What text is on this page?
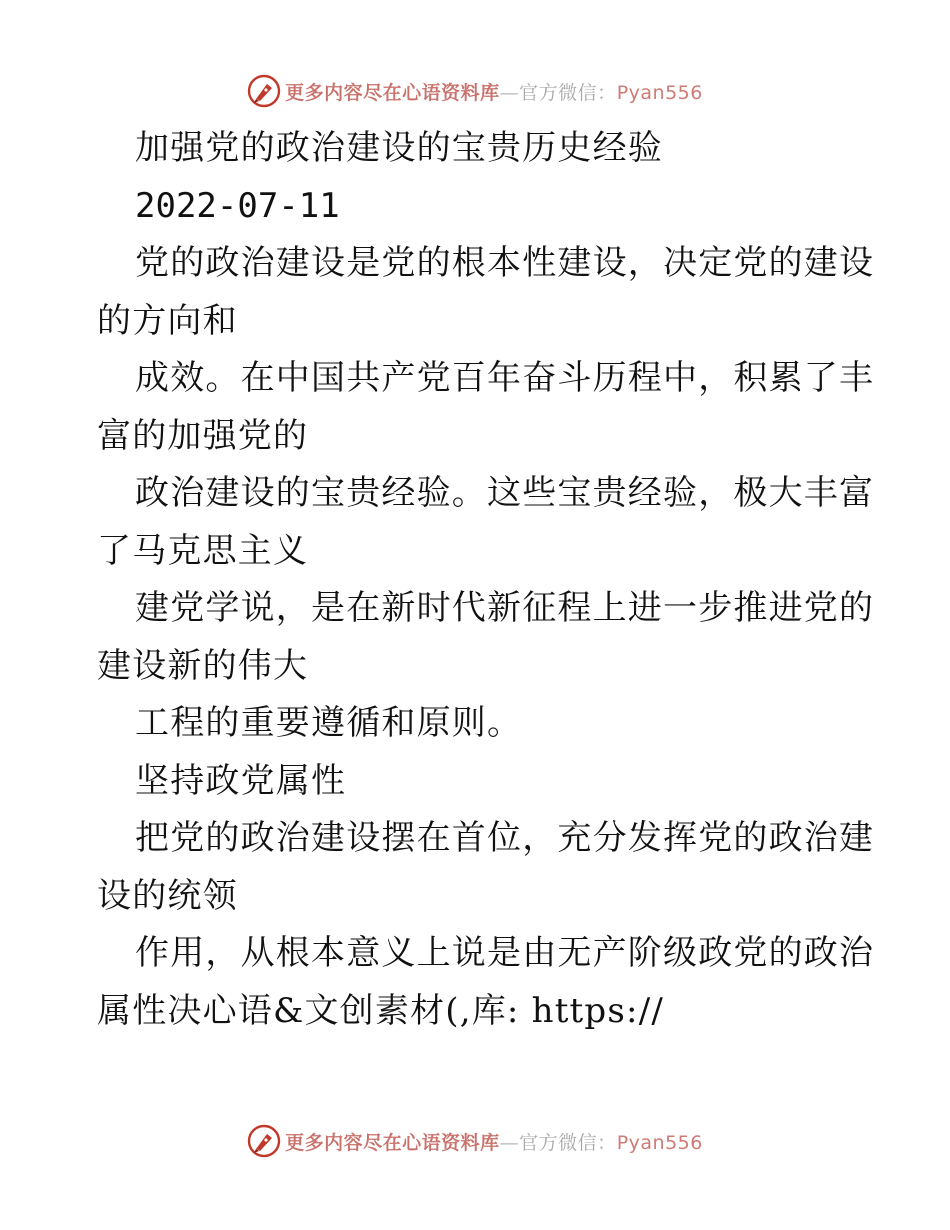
更多内容尽在心语资料库—官方微信：Pyan556
加强党的政治建设的宝贵历史经验
2022-07-11
党的政治建设是党的根本性建设，决定党的建设
的方向和
成效。在中国共产党百年奋斗历程中，积累了丰
富的加强党的
政治建设的宝贵经验。这些宝贵经验，极大丰富
了马克思主义
建党学说，是在新时代新征程上进一步推进党的
建设新的伟大
工程的重要遵循和原则。
坚持政党属性
把党的政治建设摆在首位，充分发挥党的政治建
设的统领
作用，从根本意义上说是由无产阶级政党的政治
属性决心语&文创素材(,库: https://
更多内容尽在心语资料库—官方微信：Pyan556
